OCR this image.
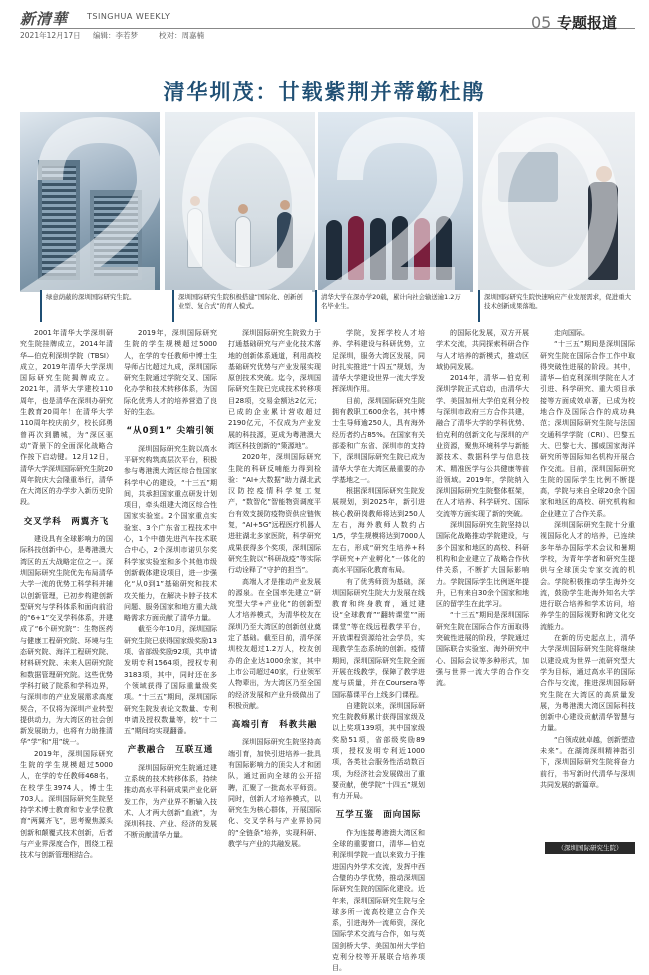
新清華 TSINGHUA WEEKLY
2021年12月17日 编辑：李若梦	校对：周嘉楠
05 专题报道
清华圳茂：廿载紫荆并蒂簕杜鹃
绿意荫蔽的深圳国际研究生院。	深圳国际研究生院积极搭建“国际化、创新创业型、复合式”的育人模式。
清华大学在深办学20载，累计向社会输送逾1.2万名毕业生。
深圳国际研究生院快速响应产业发展需求，促进重大技术创新成果落地。

2001年清华大学深圳研究生院挂牌成立，2014年清华—伯克利深圳学院（TBSI）成立，2019年清华大学深圳国际研究生院揭牌成立。2021年，清华大学建校110周年，也是清华在深圳办研究生教育20周年！在清华大学110周年校庆前夕，校长邱勇曾再次到鹏城，为“深区驱动”背景下的全面深化战略合作按下启动键。12月12日，清华大学深圳国际研究生院20周年院庆大会隆重举行，清华在大湾区的办学步入新历史阶段。

交叉学科　两翼齐飞

建设具有全球影响力的国际科技创新中心，是粤港澳大湾区的五大战略定位之一。深圳国际研究生院优先布局清华大学一流的优势工科学科并辅以创新管理，已初步构建创新型研究与学科体系和面向前沿的“6+1”交叉学科体系，并建成了“6个研究院”：生物医药与健康工程研究院、环境与生态研究院、海洋工程研究院、材料研究院、未来人居研究院和数据管理研究院。这些优势学科打破了院系和学科边界，与深圳市的产业发展需求高度契合，不仅将为深圳产业转型提供动力，为大湾区的社会创新发展助力，也将有力助推清华“学”和“用”统一。

2019年，深圳国际研究生院的学生规模超过5000人，在学的专任教师468名，在校学生3974人，博士生703人。深圳国际研究生院坚持学术博士教育和专业学位教育“两翼齐飞”，思考聚焦源头创新和颠覆式技术创新，后者与产业界深度合作，围绕工程技术与创新管理相结合。

2019年，深圳国际研究生院的学生规模超过5000人，在学的专任教师中博士生导师占比超过九成，深圳国际研究生院通过学院交叉、国际化办学和技术转移体系，为国际化优秀人才的培养营造了良好的生态。

“从0到1” 尖端引领

深圳国际研究生院以高水平研究构筑高层次平台，积极参与粤港澳大湾区综合性国家科学中心的建设，“十三五”期间，共承担国家重点研发计划项目，牵头组建大湾区综合性国家实验室。2个国家重点实验室、3个广东省工程技术中心，1个中德先进汽车技术联合中心，2个深圳市诺贝尔奖科学家实验室和多个其他市级创新载体建设项目，进一步强化“从0到1”基础研究和技术攻关能力，在解决卡脖子技术问题、服务国家和地方重大战略需求方面贡献了清华力量。

截至今年10月，深圳国际研究生院已获得国家级奖励13项、省部级奖励92项，共申请发明专利1564项，授权专利3183项，其中，同时还在多个领域获得了国际重量级奖项。“十三五”期间，深圳国际研究生院发表论文数量、专利申请及授权数量等，较“十二五”期间均实现翻番。

产教融合　互联互通

深圳国际研究生院通过建立系统的技术转移体系，持续推动高水平科研成果产业化研发工作，为产业界不断输入技术、人才两大创新“血液”，为深圳科技、产业、经济的发展不断贡献清华力量。

深圳国际研究生院致力于打通基础研究与产业化技术落地的创新体系通道，利用高校基础研究优势与产业发展实现原创技术突破。迄今，深圳国际研究生院已完成技术转移项目28项，交易金额达2亿元；已成的企业累计营收超过2190亿元，不仅成为产业发展的科技源，更成为粤港澳大湾区科技创新的“策源地”。

2020年，深圳国际研究生院的科研反哺能力得到检验：“AI+大数据”助力湖北武汉防控疫情科学复工复产，“数智化”智能物资调度平台有效支援防疫物资供应链恢复，“AI+5G”远程医疗机器人进驻湖北多家医院，科学研究成果获得多个奖项，深圳国际研究生院以“科研战疫”等实际行动诠释了“守护的担当”。

高端人才是推动产业发展的源泉。在全国率先建立“研究型大学+产业化”的创新型人才培养模式，为清华校友在深圳乃至大湾区的创新创业奠定了基础。截至目前，清华深圳校友超过1.2万人，校友创办的企业达1000余家，其中上市公司超过40家，行业领军人物辈出，为大湾区乃至全国的经济发展和产业升级做出了积极贡献。

高端引育　科教共融

深圳国际研究生院坚持高端引育，加快引进培养一批具有国际影响力的顶尖人才和团队，通过面向全球的公开招聘，汇聚了一批高水平师资。同时，创新人才培养模式，以研究生为核心群体，开展国际化、交叉学科与产业界协同的“全链条”培养，实现科研、教学与产业的共融发展。

学院，发挥学校人才培养、学科建设与科研优势，立足深圳，服务大湾区发展，同时扎实推进“十四五”规划，为清华大学建设世界一流大学发挥深圳作用。

目前，深圳国际研究生院拥有教职工600余名，其中博士生导师逾250人，具有海外经历者约占85%。在国家有关部委和广东省、深圳市的支持下，深圳国际研究生院已成为清华大学在大湾区最重要的办学基地之一。

根据深圳国际研究生院发展规划，到2025年，新引进核心教研岗教师将达到250人左右，海外教师人数约占1/5，学生规模将达到7000人左右，形成“研究生培养+科学研究+产业孵化”一体化的高水平国际化教育布局。

有了优秀师资为基础，深圳国际研究生院大力发展在线教育和终身教育，通过建设“全球教育”“翻转课堂”“雨课堂”等在线远程教学平台，开放课程资源给社会学员，实现教学生态系统的创新。疫情期间，深圳国际研究生院全面开展在线教学，保障了教学进度与质量，并在Coursera等国际慕课平台上线多门课程。

自建院以来，深圳国际研究生院教师累计获得国家级及以上奖项139项，其中国家级奖励51项，省部级奖励89项，授权发明专利近1000项，各类社会服务性活动数百项，为经济社会发展做出了重要贡献，使学院“十四五”规划有力开局。

互学互鉴　面向国际

作为连接粤港澳大湾区和全球的重要窗口，清华—伯克利深圳学院一直以来致力于推进国内外学术交流，发挥中西合璧的办学优势，推动深圳国际研究生院的国际化建设。近年来，深圳国际研究生院与全球多所一流高校建立合作关系，引进海外一流师资，深化国际学术交流与合作，如与英国剑桥大学、美国加州大学伯克利分校等开展联合培养项目。

的国际化发展，双方开展学术交流，共同探索科研合作与人才培养的新模式，推动区域协同发展。

2014年，清华—伯克利深圳学院正式启动，由清华大学、美国加州大学伯克利分校与深圳市政府三方合作共建，融合了清华大学的学科优势、伯克利的创新文化与深圳的产业资源，聚焦环境科学与新能源技术、数据科学与信息技术、精准医学与公共健康等前沿领域。2019年，学院纳入深圳国际研究生院整体框架，在人才培养、科学研究、国际交流等方面实现了新的突破。

深圳国际研究生院坚持以国际化战略推动学院建设，与多个国家和地区的高校、科研机构和企业建立了战略合作伙伴关系，不断扩大国际影响力。学院国际学生比例逐年提升，已有来自30余个国家和地区的留学生在此学习。

“十三五”期间是深圳国际研究生院在国际合作方面取得突破性进展的阶段，学院通过国际联合实验室、海外研究中心、国际会议等多种形式，加强与世界一流大学的合作交流。

走向国际。

“十三五”期间是深圳国际研究生院在国际合作工作中取得突破性进展的阶段。其中，清华—伯克利深圳学院在人才引进、科学研究、重大项目承接等方面成效卓著，已成为校地合作及国际合作的成功典范；深圳国际研究生院与法国交通科学学院（CRI）、巴黎五大、巴黎七大、挪威国家海洋研究所等国际知名机构开展合作交流。目前，深圳国际研究生院的国际学生比例不断提高，学院与来自全球20余个国家和地区的高校、研究机构和企业建立了合作关系。

深圳国际研究生院十分重视国际化人才的培养，已连续多年举办国际学术会议和暑期学校，为青年学者和研究生提供与全球顶尖专家交流的机会。学院积极推动学生海外交流，鼓励学生赴海外知名大学进行联合培养和学术访问，培养学生的国际视野和跨文化交流能力。

在新的历史起点上，清华大学深圳国际研究生院将继续以建设成为世界一流研究型大学为目标，通过高水平的国际合作与交流，推进深圳国际研究生院在大湾区的高质量发展，为粤港澳大湾区国际科技创新中心建设贡献清华智慧与力量。

“白领成就卓越，创新塑造未来”。在湖湾深圳精神指引下，深圳国际研究生院将奋力前行，书写新时代清华与深圳共同发展的新篇章。

（深圳国际研究生院）
